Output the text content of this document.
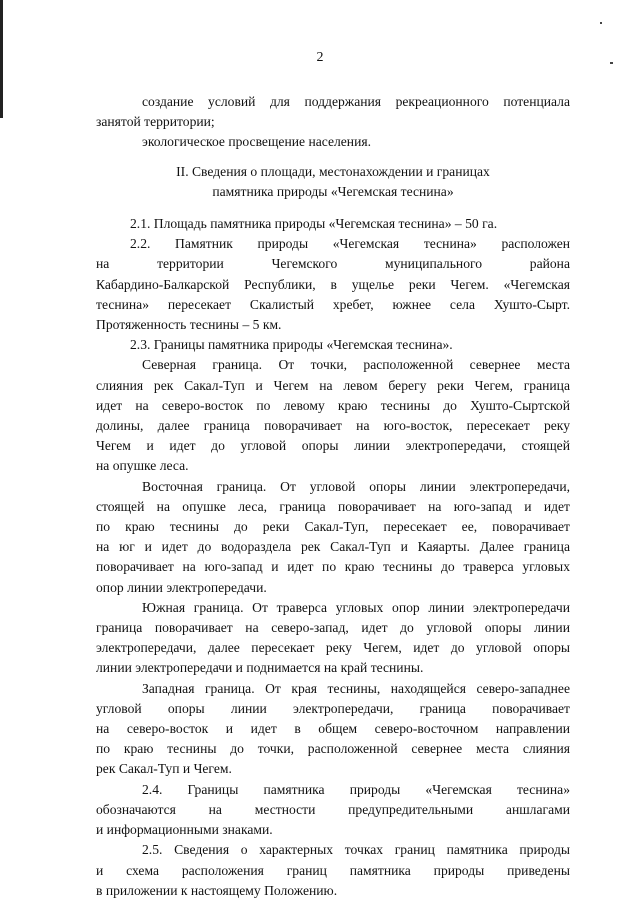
2
создание условий для поддержания рекреационного потенциала
занятой территории;
экологическое просвещение населения.
II. Сведения о площади, местонахождении и границах
памятника природы «Чегемская теснина»
2.1. Площадь памятника природы «Чегемская теснина» – 50 га.
2.2. Памятник природы «Чегемская теснина» расположен
на территории Чегемского муниципального района
Кабардино-Балкарской Республики, в ущелье реки Чегем. «Чегемская
теснина» пересекает Скалистый хребет, южнее села Хушто-Сырт.
Протяженность теснины – 5 км.
2.3. Границы памятника природы «Чегемская теснина».
Северная граница. От точки, расположенной севернее места
слияния рек Сакал-Туп и Чегем на левом берегу реки Чегем, граница
идет на северо-восток по левому краю теснины до Хушто-Сыртской
долины, далее граница поворачивает на юго-восток, пересекает реку
Чегем и идет до угловой опоры линии электропередачи, стоящей
на опушке леса.
Восточная граница. От угловой опоры линии электропередачи,
стоящей на опушке леса, граница поворачивает на юго-запад и идет
по краю теснины до реки Сакал-Туп, пересекает ее, поворачивает
на юг и идет до водораздела рек Сакал-Туп и Каяарты. Далее граница
поворачивает на юго-запад и идет по краю теснины до траверса угловых
опор линии электропередачи.
Южная граница. От траверса угловых опор линии электропередачи
граница поворачивает на северо-запад, идет до угловой опоры линии
электропередачи, далее пересекает реку Чегем, идет до угловой опоры
линии электропередачи и поднимается на край теснины.
Западная граница. От края теснины, находящейся северо-западнее
угловой опоры линии электропередачи, граница поворачивает
на северо-восток и идет в общем северо-восточном направлении
по краю теснины до точки, расположенной севернее места слияния
рек Сакал-Туп и Чегем.
2.4. Границы памятника природы «Чегемская теснина»
обозначаются на местности предупредительными аншлагами
и информационными знаками.
2.5. Сведения о характерных точках границ памятника природы
и схема расположения границ памятника природы приведены
в приложении к настоящему Положению.
